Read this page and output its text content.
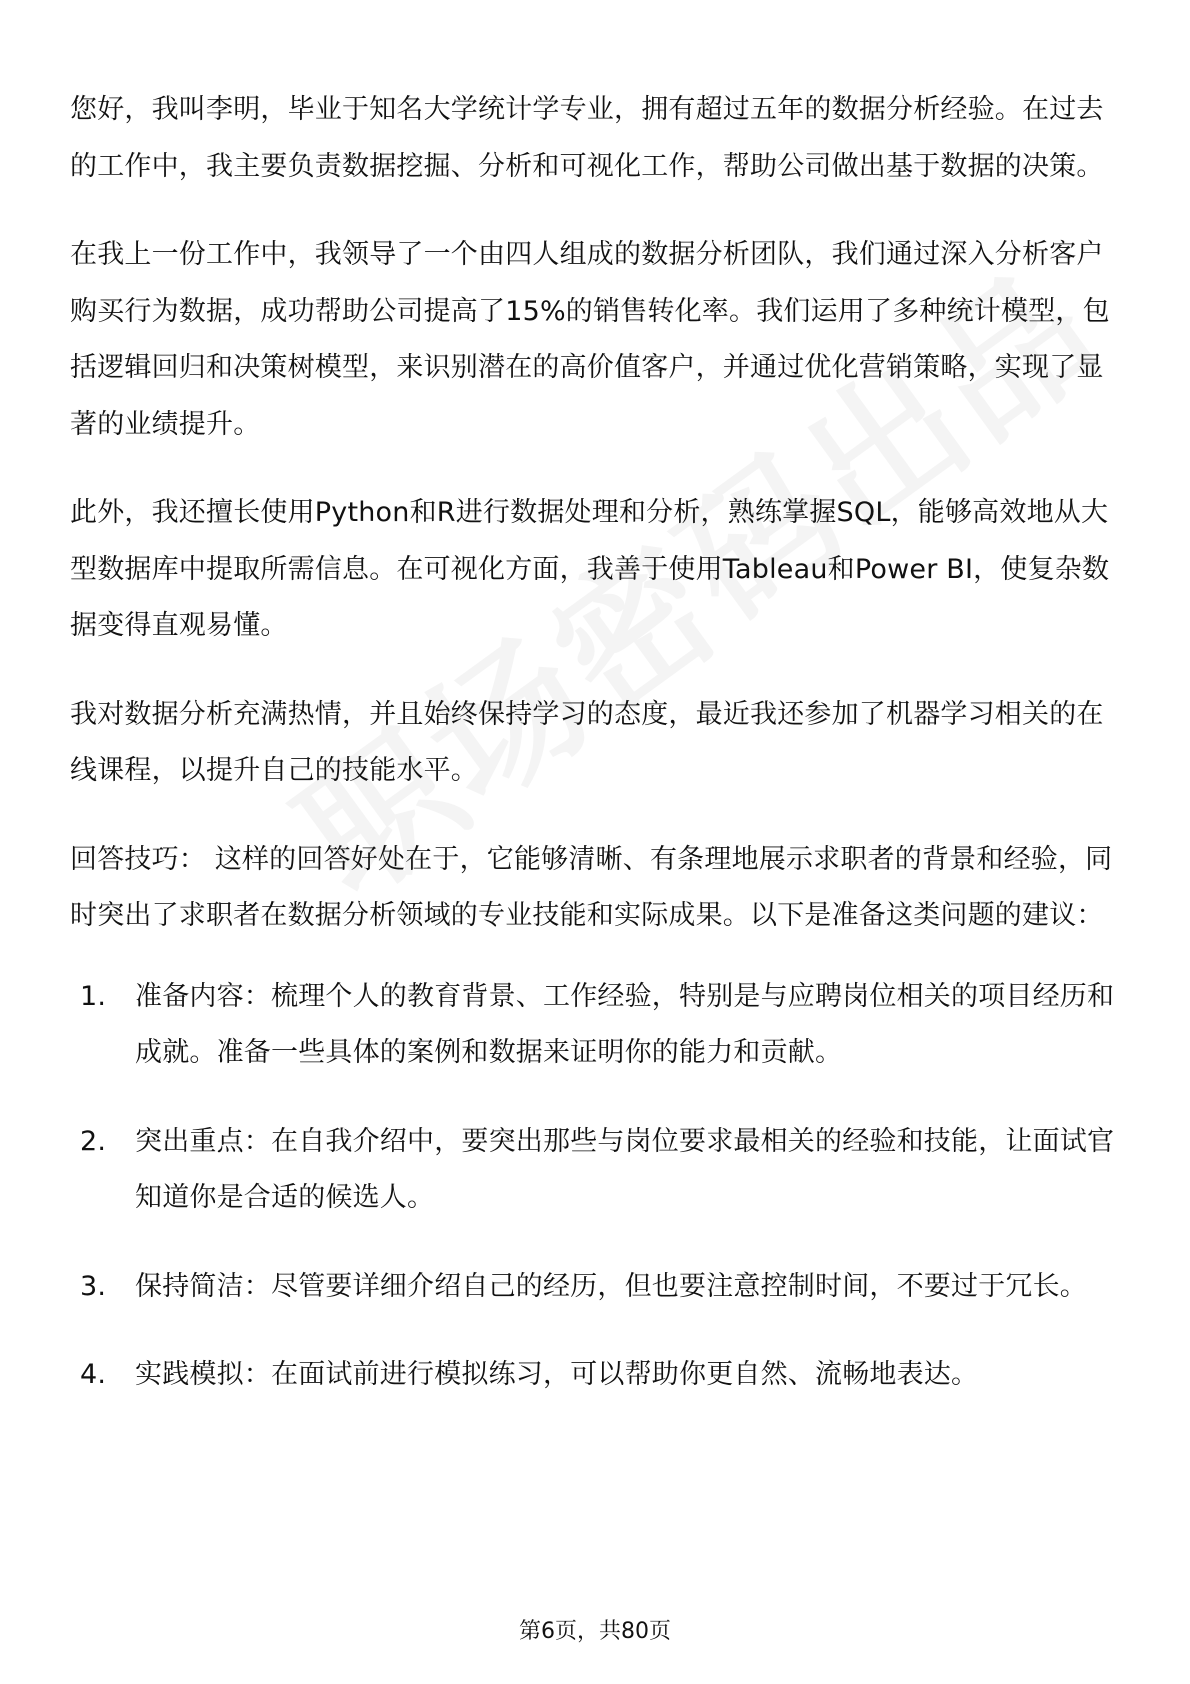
您好，我叫李明，毕业于知名大学统计学专业，拥有超过五年的数据分析经验。在过去的工作中，我主要负责数据挖掘、分析和可视化工作，帮助公司做出基于数据的决策。

在我上一份工作中，我领导了一个由四人组成的数据分析团队，我们通过深入分析客户购买行为数据，成功帮助公司提高了15%的销售转化率。我们运用了多种统计模型，包括逻辑回归和决策树模型，来识别潜在的高价值客户，并通过优化营销策略，实现了显著的业绩提升。

此外，我还擅长使用Python和R进行数据处理和分析，熟练掌握SQL，能够高效地从大型数据库中提取所需信息。在可视化方面，我善于使用Tableau和Power BI，使复杂数据变得直观易懂。

我对数据分析充满热情，并且始终保持学习的态度，最近我还参加了机器学习相关的在线课程，以提升自己的技能水平。

回答技巧： 这样的回答好处在于，它能够清晰、有条理地展示求职者的背景和经验，同时突出了求职者在数据分析领域的专业技能和实际成果。以下是准备这类问题的建议：

1. 准备内容：梳理个人的教育背景、工作经验，特别是与应聘岗位相关的项目经历和成就。准备一些具体的案例和数据来证明你的能力和贡献。
2. 突出重点：在自我介绍中，要突出那些与岗位要求最相关的经验和技能，让面试官知道你是合适的候选人。
3. 保持简洁：尽管要详细介绍自己的经历，但也要注意控制时间，不要过于冗长。
4. 实践模拟：在面试前进行模拟练习，可以帮助你更自然、流畅地表达。
第6页，共80页
